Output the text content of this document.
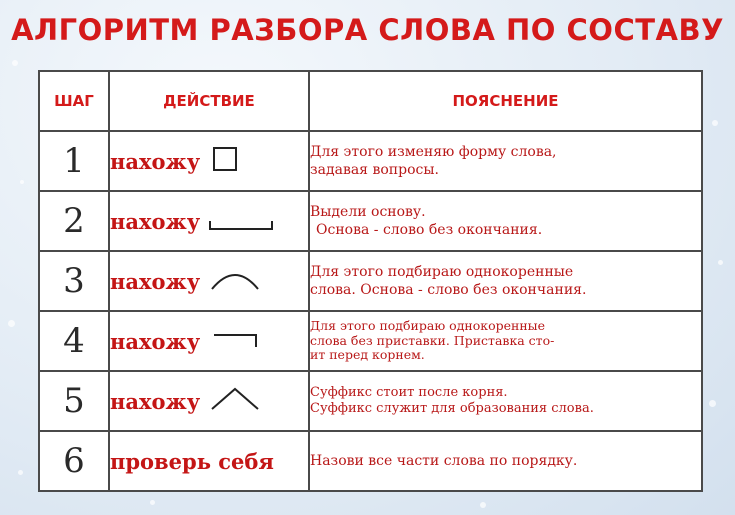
АЛГОРИТМ РАЗБОРА СЛОВА ПО СОСТАВУ
ШАГ	ДЕЙСТВИЕ	ПОЯСНЕНИЕ
1	нахожу	Для этого изменяю форму слова,
задавая вопросы.

2	нахожу	Выдели основу.
Основа - слово без окончания.

3	нахожу	Для этого подбираю однокоренные
слова. Основа - слово без окончания.

4	нахожу	Для этого подбираю однокоренные
слова без приставки. Приставка сто-
ит перед корнем.

5	нахожу	Суффикс стоит после корня.
Суффикс служит для образования слова.

6	проверь себя	Назови все части слова по порядку.
